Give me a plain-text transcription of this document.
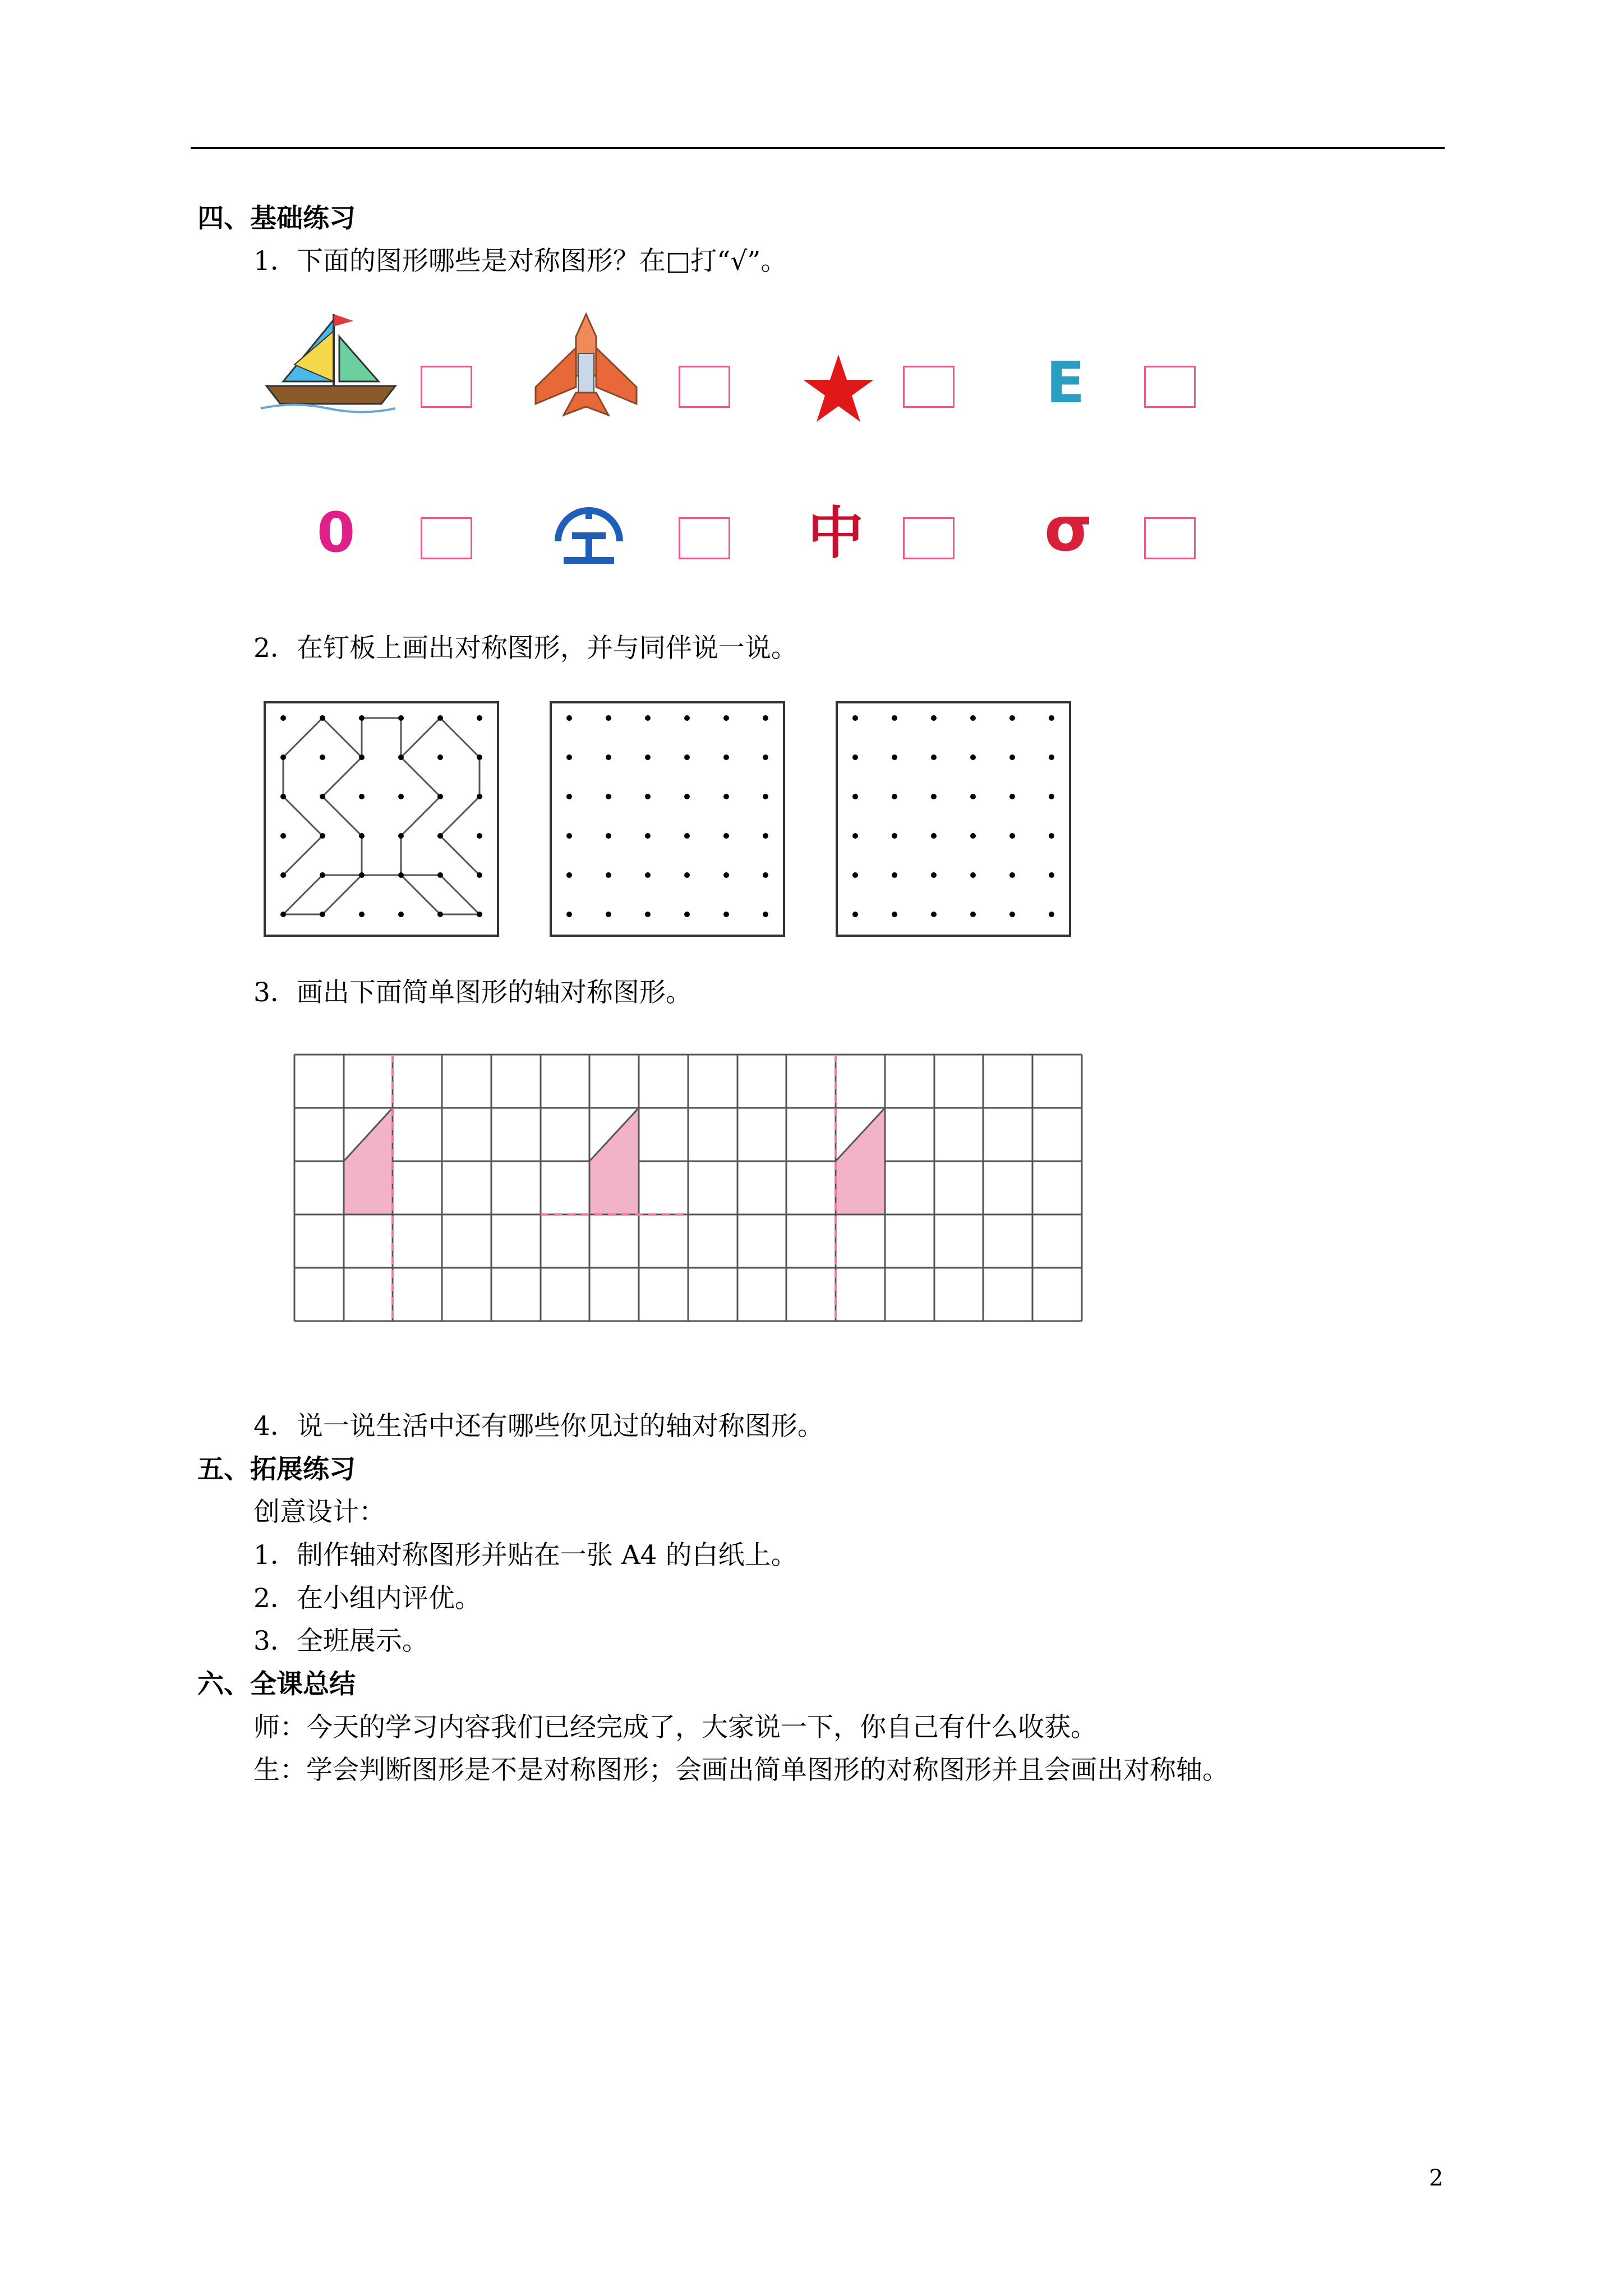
四、基础练习
1．下面的图形哪些是对称图形？在□打“√”。
E
0	中	σ
2．在钉板上画出对称图形，并与同伴说一说。
3．画出下面简单图形的轴对称图形。
4．说一说生活中还有哪些你见过的轴对称图形。
五、拓展练习
创意设计：
1．制作轴对称图形并贴在一张 A4 的白纸上。
2．在小组内评优。
3．全班展示。
六、全课总结
师：今天的学习内容我们已经完成了，大家说一下，你自己有什么收获。
生：学会判断图形是不是对称图形；会画出简单图形的对称图形并且会画出对称轴。
2
